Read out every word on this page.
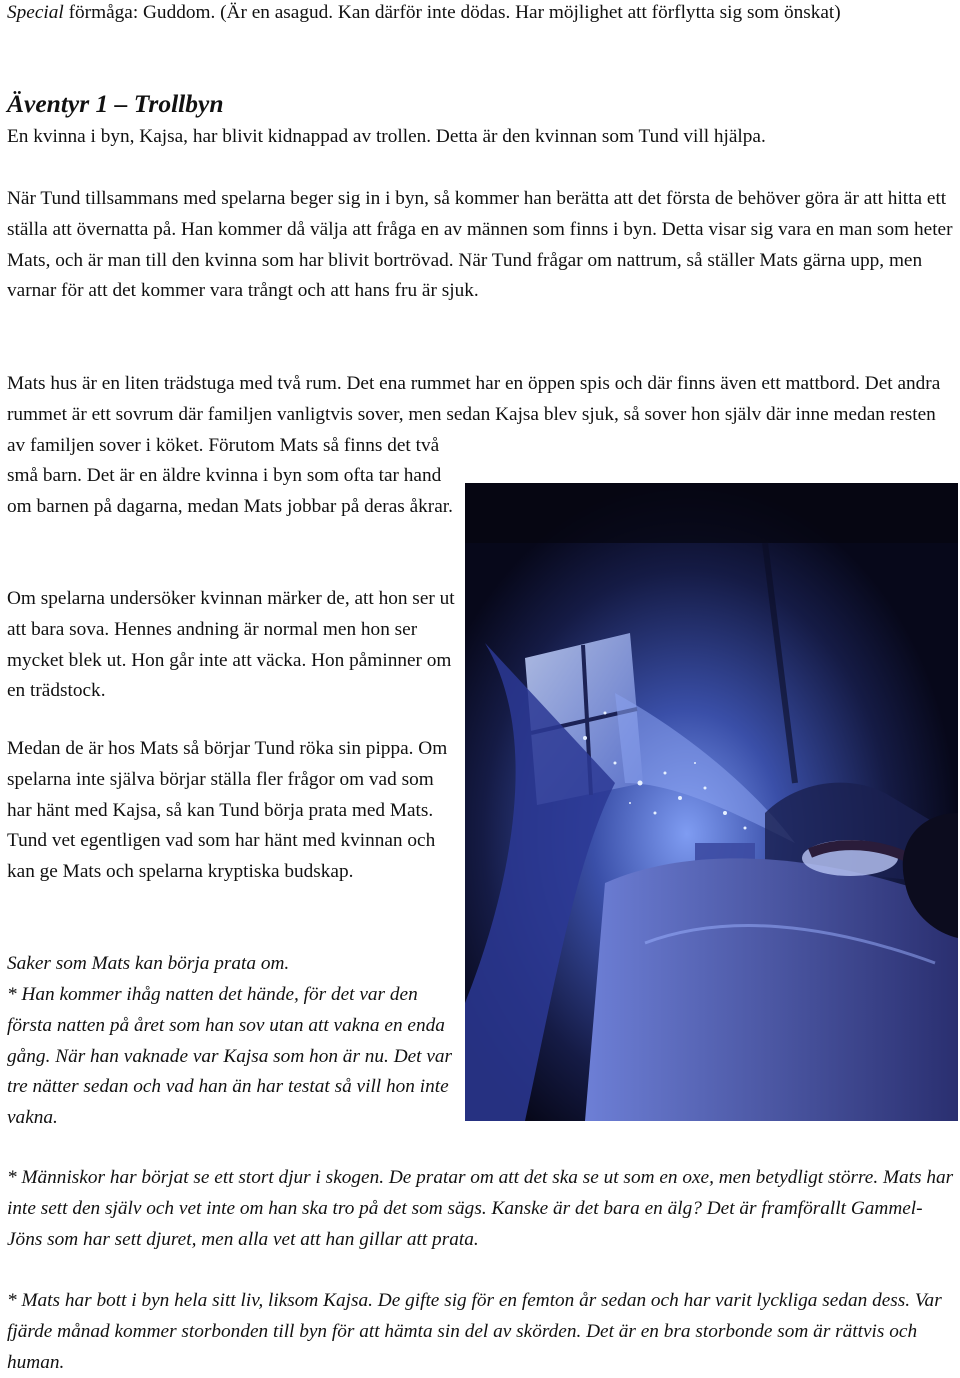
Special förmåga: Guddom. (Är en asagud. Kan därför inte dödas. Har möjlighet att förflytta sig som önskat)

Äventyr 1 – Trollbyn

En kvinna i byn, Kajsa, har blivit kidnappad av trollen. Detta är den kvinnan som Tund vill hjälpa.

När Tund tillsammans med spelarna beger sig in i byn, så kommer han berätta att det första de behöver göra är att hitta ett ställa att övernatta på. Han kommer då välja att fråga en av männen som finns i byn. Detta visar sig vara en man som heter Mats, och är man till den kvinna som har blivit bortrövad. När Tund frågar om nattrum, så ställer Mats gärna upp, men varnar för att det kommer vara trångt och att hans fru är sjuk.

Mats hus är en liten trädstuga med två rum. Det ena rummet har en öppen spis och där finns även ett mattbord. Det andra rummet är ett sovrum där familjen vanligtvis sover, men sedan Kajsa blev sjuk, så sover hon själv där inne medan resten av familjen sover i köket. Förutom Mats så finns det två

små barn. Det är en äldre kvinna i byn som ofta tar hand om barnen på dagarna, medan Mats jobbar på deras åkrar.

Om spelarna undersöker kvinnan märker de, att hon ser ut att bara sova. Hennes andning är normal men hon ser mycket blek ut. Hon går inte att väcka. Hon påminner om en trädstock.

Medan de är hos Mats så börjar Tund röka sin pippa. Om spelarna inte själva börjar ställa fler frågor om vad som har hänt med Kajsa, så kan Tund börja prata med Mats. Tund vet egentligen vad som har hänt med kvinnan och kan ge Mats och spelarna kryptiska budskap.

Saker som Mats kan börja prata om.

* Han kommer ihåg natten det hände, för det var den första natten på året som han sov utan att vakna en enda gång. När han vaknade var Kajsa som hon är nu. Det var tre nätter sedan och vad han än har testat så vill hon inte vakna.

* Människor har börjat se ett stort djur i skogen. De pratar om att det ska se ut som en oxe, men betydligt större. Mats har inte sett den själv och vet inte om han ska tro på det som sägs. Kanske är det bara en älg? Det är framförallt Gammel-Jöns som har sett djuret, men alla vet att han gillar att prata.

* Mats har bott i byn hela sitt liv, liksom Kajsa. De gifte sig för en femton år sedan och har varit lyckliga sedan dess. Var fjärde månad kommer storbonden till byn för att hämta sin del av skörden. Det är en bra storbonde som är rättvis och human.
